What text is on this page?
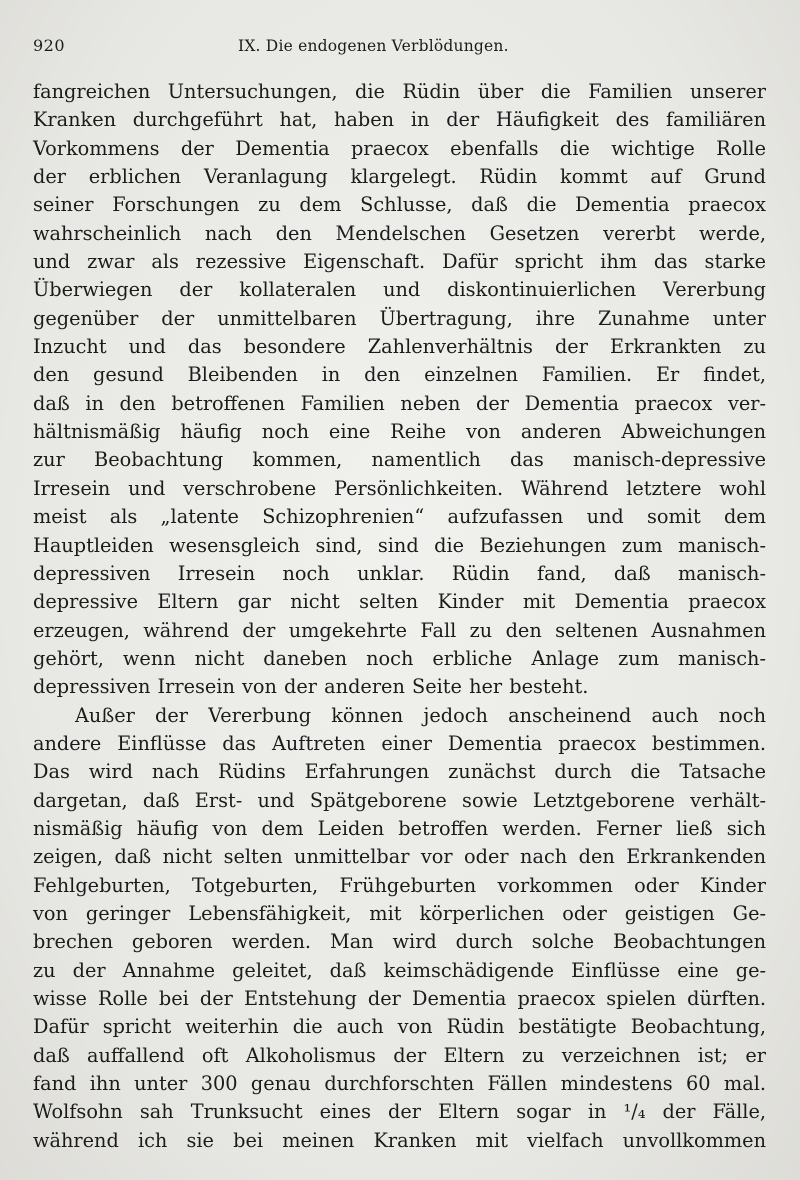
920	IX. Die endogenen Verblödungen.
fangreichen Untersuchungen, die Rüdin über die Familien unserer
Kranken durchgeführt hat, haben in der Häufigkeit des familiären
Vorkommens der Dementia praecox ebenfalls die wichtige Rolle
der erblichen Veranlagung klargelegt. Rüdin kommt auf Grund
seiner Forschungen zu dem Schlusse, daß die Dementia praecox
wahrscheinlich nach den Mendelschen Gesetzen vererbt werde,
und zwar als rezessive Eigenschaft. Dafür spricht ihm das starke
Überwiegen der kollateralen und diskontinuierlichen Vererbung
gegenüber der unmittelbaren Übertragung, ihre Zunahme unter
Inzucht und das besondere Zahlenverhältnis der Erkrankten zu
den gesund Bleibenden in den einzelnen Familien. Er findet,
daß in den betroffenen Familien neben der Dementia praecox ver-
hältnismäßig häufig noch eine Reihe von anderen Abweichungen
zur Beobachtung kommen, namentlich das manisch-depressive
Irresein und verschrobene Persönlichkeiten. Während letztere wohl
meist als „latente Schizophrenien“ aufzufassen und somit dem
Hauptleiden wesensgleich sind, sind die Beziehungen zum manisch-
depressiven Irresein noch unklar. Rüdin fand, daß manisch-
depressive Eltern gar nicht selten Kinder mit Dementia praecox
erzeugen, während der umgekehrte Fall zu den seltenen Ausnahmen
gehört, wenn nicht daneben noch erbliche Anlage zum manisch-
depressiven Irresein von der anderen Seite her besteht.
Außer der Vererbung können jedoch anscheinend auch noch
andere Einflüsse das Auftreten einer Dementia praecox bestimmen.
Das wird nach Rüdins Erfahrungen zunächst durch die Tatsache
dargetan, daß Erst- und Spätgeborene sowie Letztgeborene verhält-
nismäßig häufig von dem Leiden betroffen werden. Ferner ließ sich
zeigen, daß nicht selten unmittelbar vor oder nach den Erkrankenden
Fehlgeburten, Totgeburten, Frühgeburten vorkommen oder Kinder
von geringer Lebensfähigkeit, mit körperlichen oder geistigen Ge-
brechen geboren werden. Man wird durch solche Beobachtungen
zu der Annahme geleitet, daß keimschädigende Einflüsse eine ge-
wisse Rolle bei der Entstehung der Dementia praecox spielen dürften.
Dafür spricht weiterhin die auch von Rüdin bestätigte Beobachtung,
daß auffallend oft Alkoholismus der Eltern zu verzeichnen ist; er
fand ihn unter 300 genau durchforschten Fällen mindestens 60 mal.
Wolfsohn sah Trunksucht eines der Eltern sogar in ¹/₄ der Fälle,
während ich sie bei meinen Kranken mit vielfach unvollkommen
